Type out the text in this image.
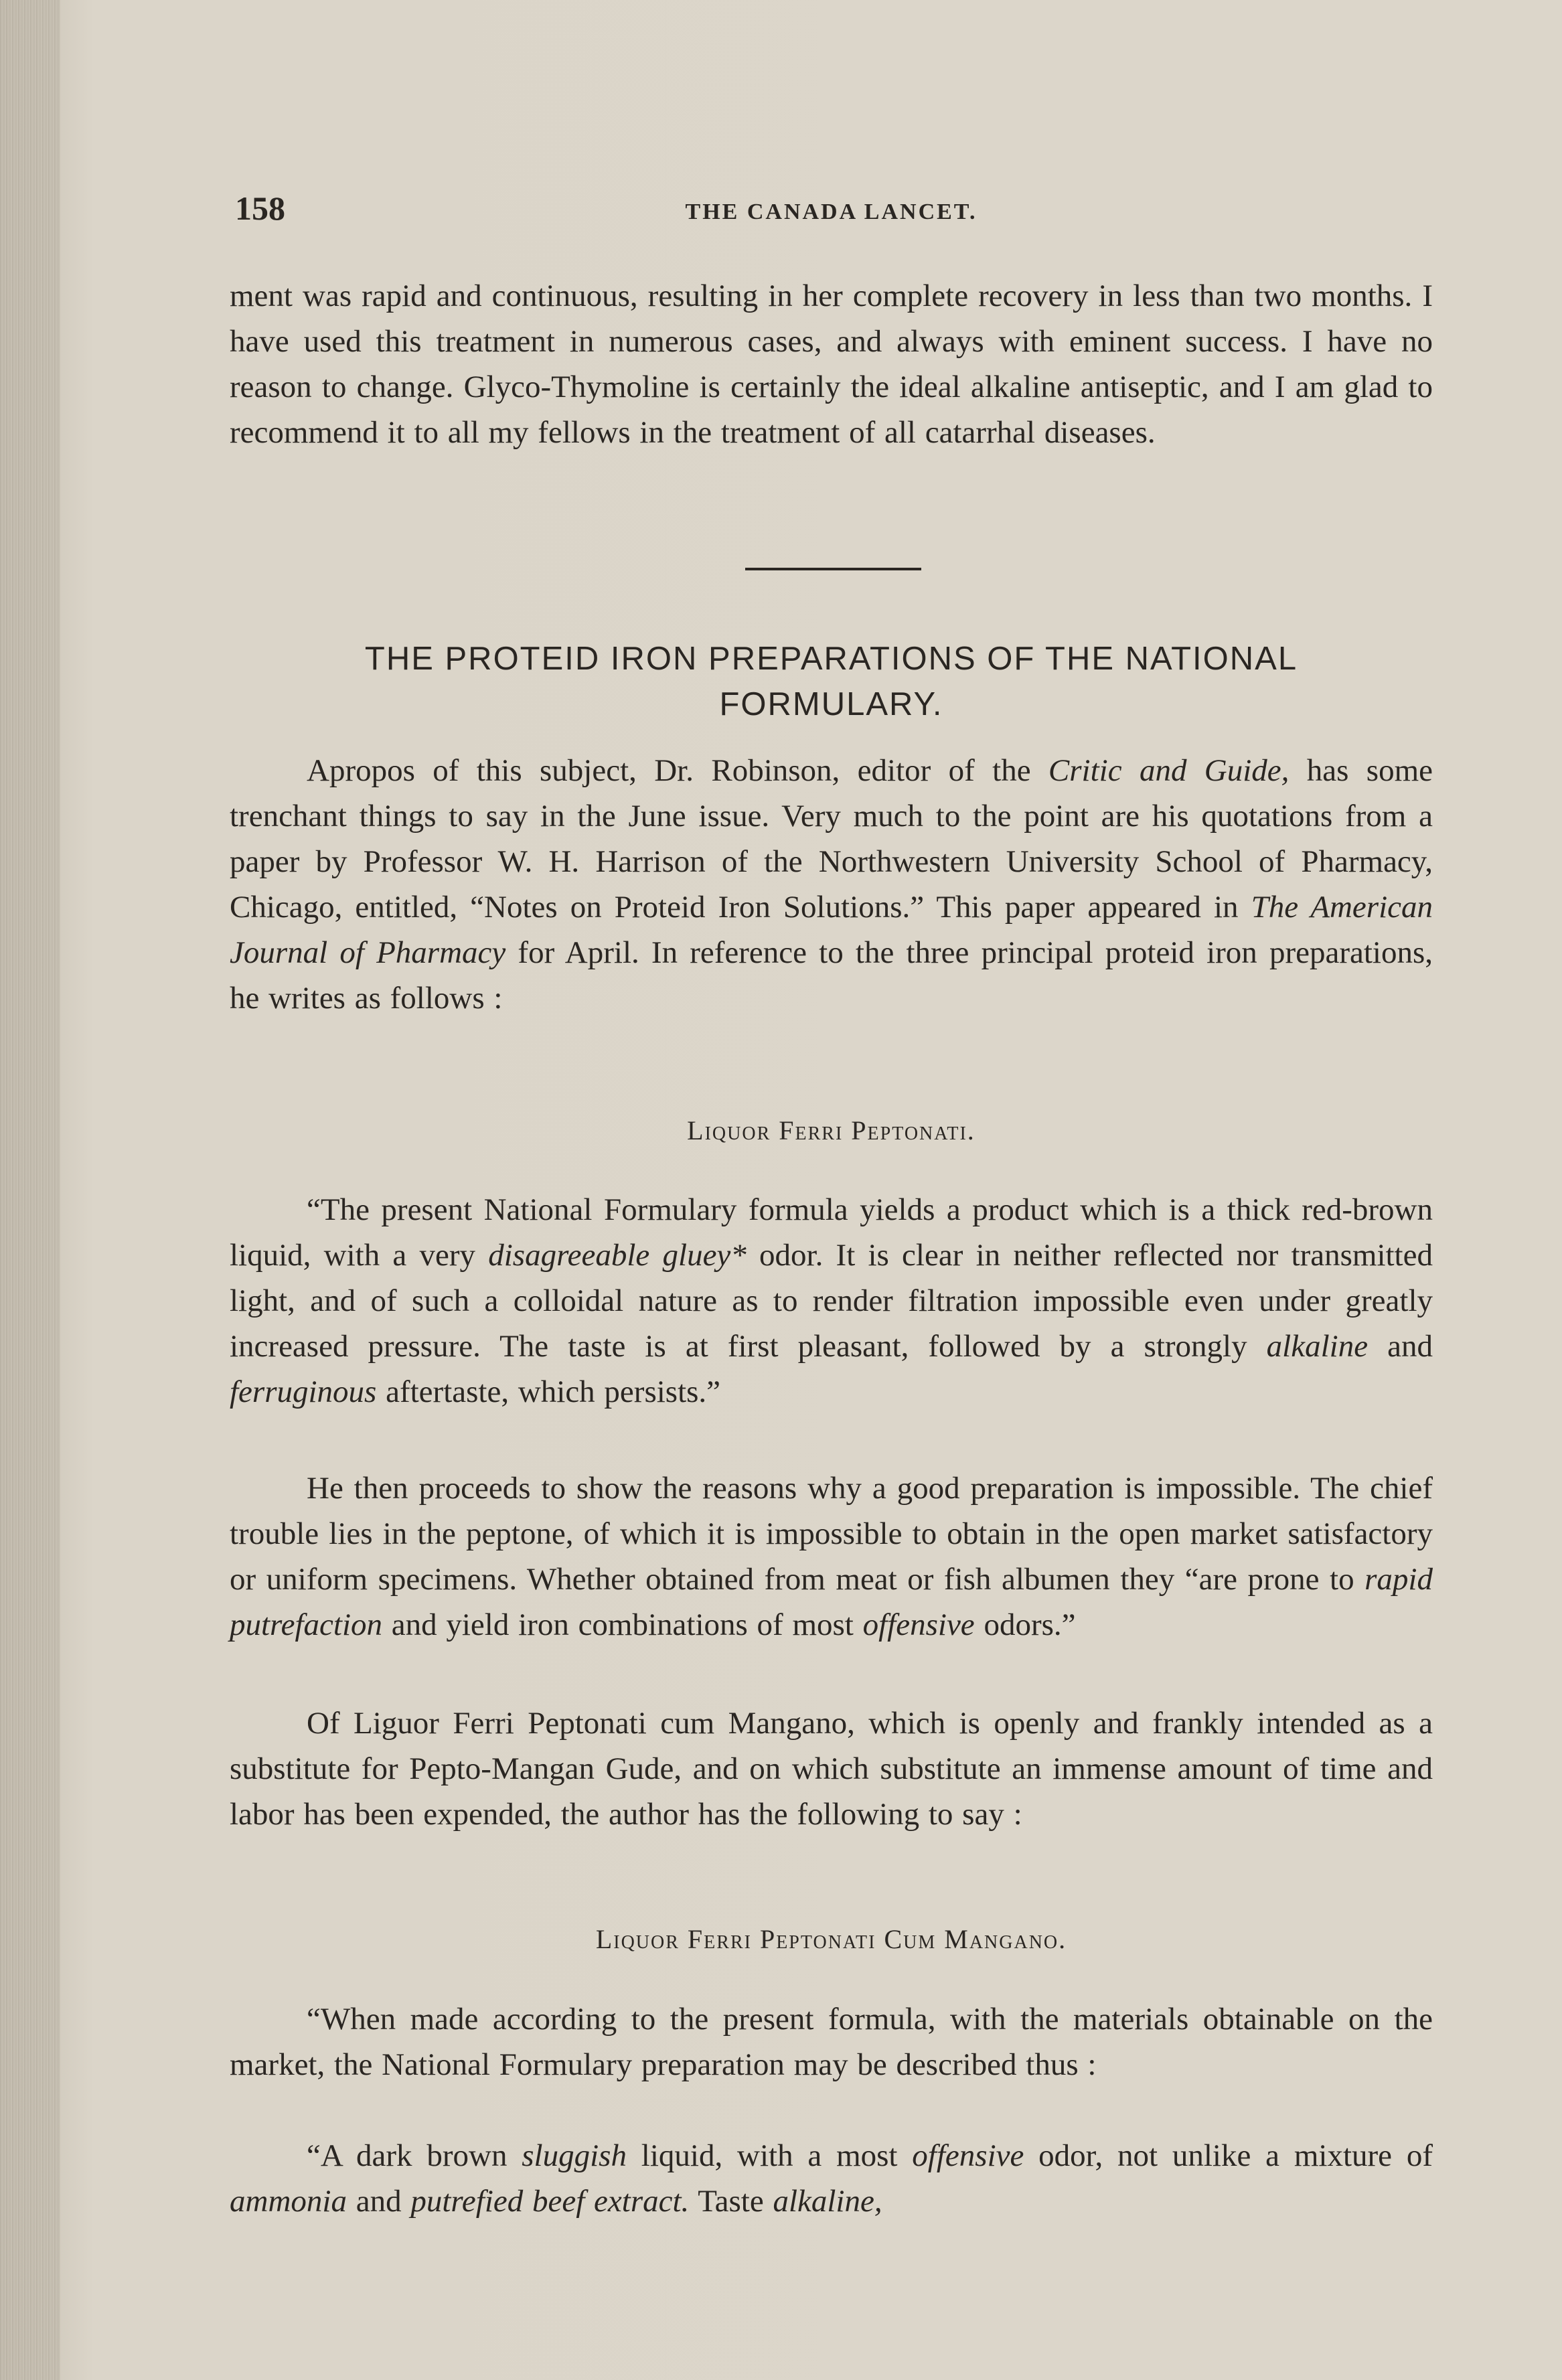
158	THE CANADA LANCET.

ment was rapid and continuous, resulting in her complete recovery in less than two months. I have used this treatment in numerous cases, and always with eminent success. I have no reason to change. Glyco-Thymoline is certainly the ideal alkaline antiseptic, and I am glad to recommend it to all my fellows in the treatment of all catarrhal diseases.

THE PROTEID IRON PREPARATIONS OF THE NATIONAL
FORMULARY.

Apropos of this subject, Dr. Robinson, editor of the Critic and Guide, has some trenchant things to say in the June issue. Very much to the point are his quotations from a paper by Professor W. H. Harrison of the Northwestern University School of Pharmacy, Chicago, entitled, “Notes on Proteid Iron Solutions.” This paper appeared in The American Journal of Pharmacy for April. In reference to the three principal proteid iron preparations, he writes as follows :

Liquor Ferri Peptonati.

“The present National Formulary formula yields a product which is a thick red-brown liquid, with a very disagreeable gluey* odor. It is clear in neither reflected nor transmitted light, and of such a colloidal nature as to render filtration impossible even under greatly increased pressure. The taste is at first pleasant, followed by a strongly alkaline and ferruginous aftertaste, which persists.”

He then proceeds to show the reasons why a good preparation is impossible. The chief trouble lies in the peptone, of which it is impossible to obtain in the open market satisfactory or uniform specimens. Whether obtained from meat or fish albumen they “are prone to rapid putrefaction and yield iron combinations of most offensive odors.”

Of Liguor Ferri Peptonati cum Mangano, which is openly and frankly intended as a substitute for Pepto-Mangan Gude, and on which substitute an immense amount of time and labor has been expended, the author has the following to say :

Liquor Ferri Peptonati Cum Mangano.

“When made according to the present formula, with the materials obtainable on the market, the National Formulary preparation may be described thus :

“A dark brown sluggish liquid, with a most offensive odor, not unlike a mixture of ammonia and putrefied beef extract. Taste alkaline,
